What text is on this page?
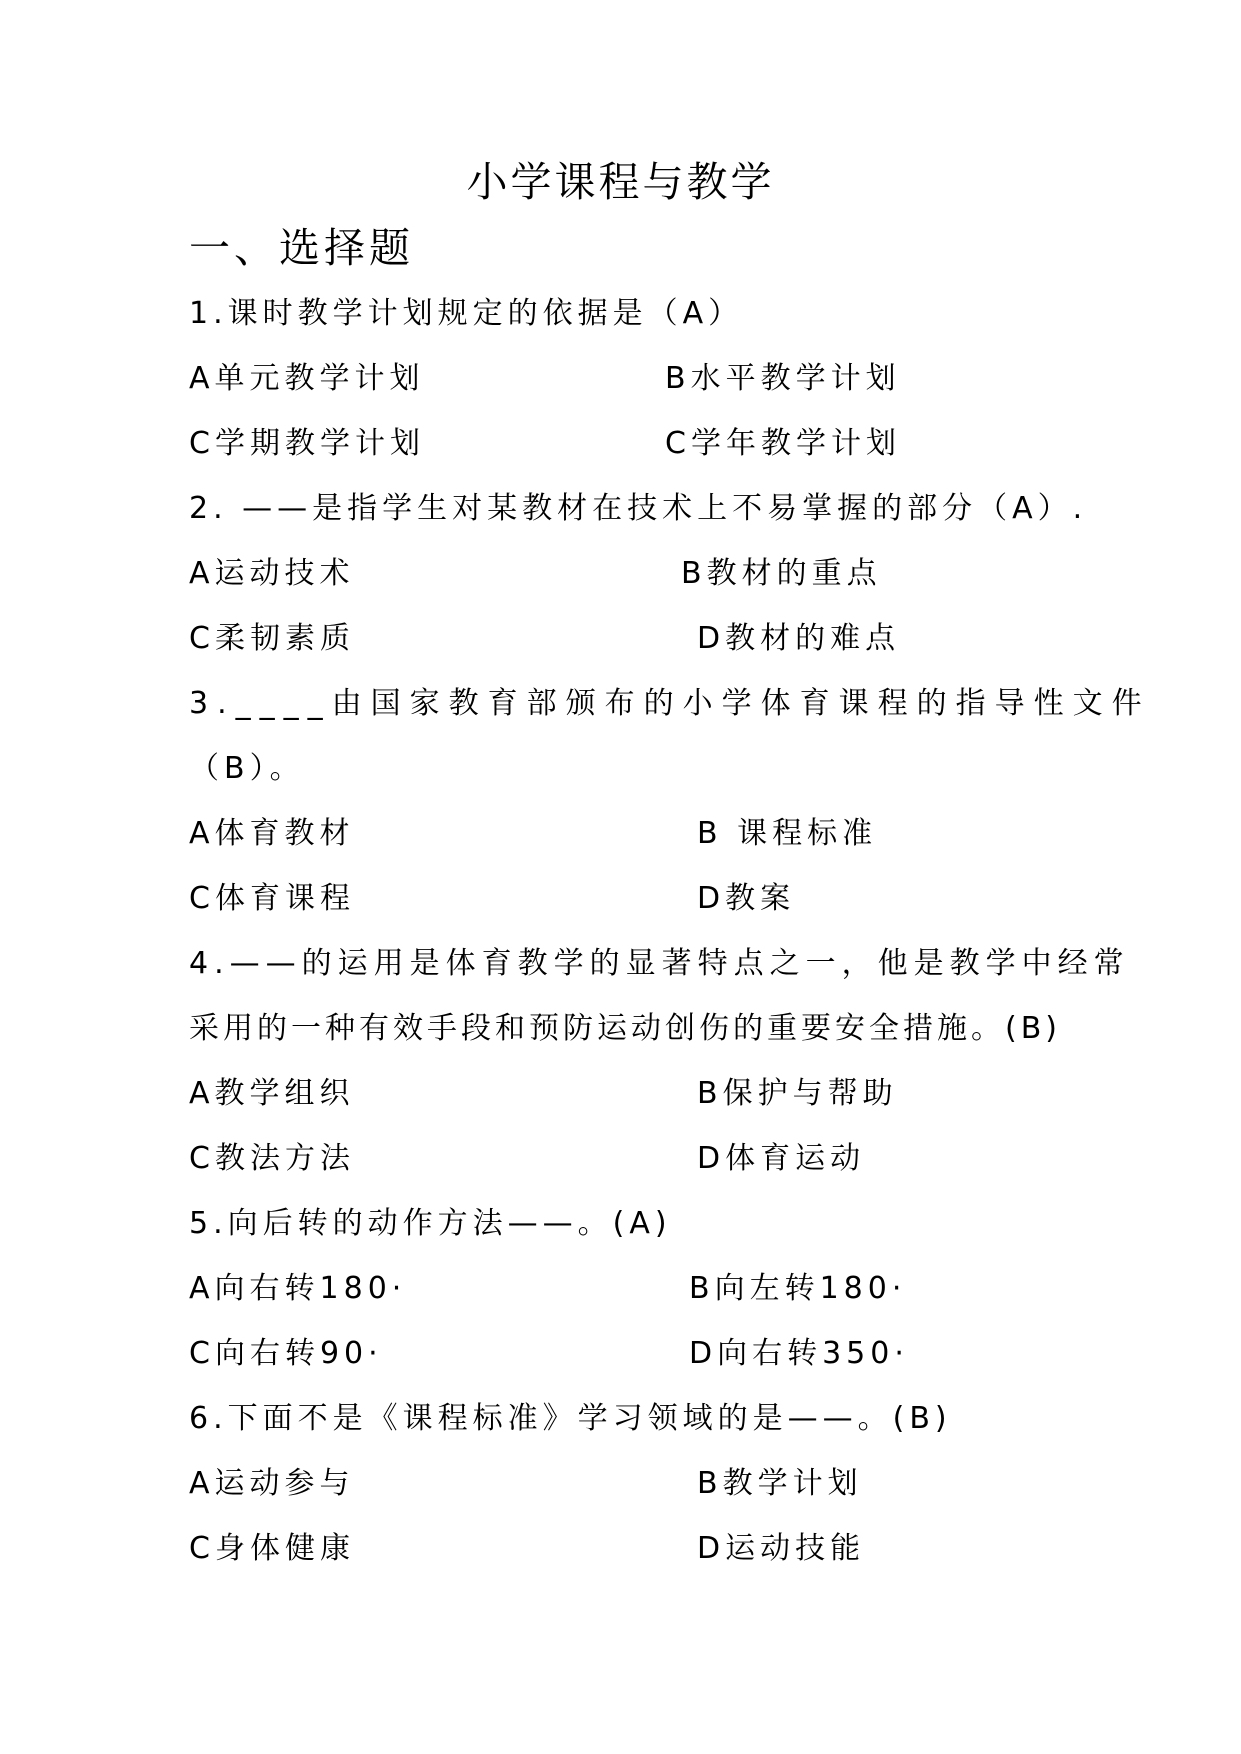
小学课程与教学
一、选择题
1.课时教学计划规定的依据是（A）
A单元教学计划	B水平教学计划
C学期教学计划	C学年教学计划
2. ——是指学生对某教材在技术上不易掌握的部分（A）.
A运动技术	B教材的重点
C柔韧素质	D教材的难点
3.____由国家教育部颁布的小学体育课程的指导性文件
（B）。
A体育教材	B 课程标准
C体育课程	D教案
4.——的运用是体育教学的显著特点之一，他是教学中经常
采用的一种有效手段和预防运动创伤的重要安全措施。(B)
A教学组织	B保护与帮助
C教法方法	D体育运动
5.向后转的动作方法——。(A)
A向右转180·	B向左转180·
C向右转90·	D向右转350·
6.下面不是《课程标准》学习领域的是——。(B)
A运动参与	B教学计划
C身体健康	D运动技能
